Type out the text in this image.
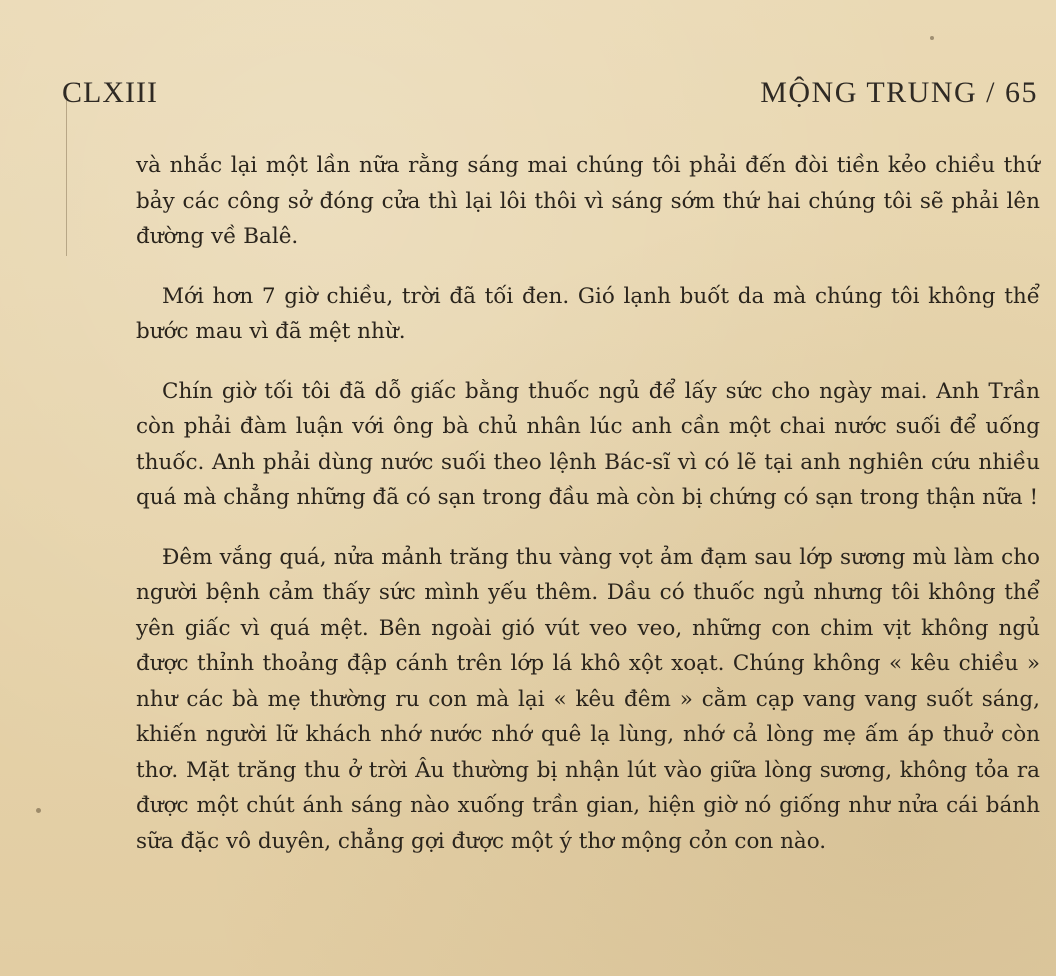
CLXIII	MỘNG TRUNG / 65

và nhắc lại một lần nữa rằng sáng mai chúng tôi phải đến đòi tiền kẻo chiều thứ bảy các công sở đóng cửa thì lại lôi thôi vì sáng sớm thứ hai chúng tôi sẽ phải lên đường về Balê.

Mới hơn 7 giờ chiều, trời đã tối đen. Gió lạnh buốt da mà chúng tôi không thể bước mau vì đã mệt nhừ.

Chín giờ tối tôi đã dỗ giấc bằng thuốc ngủ để lấy sức cho ngày mai. Anh Trần còn phải đàm luận với ông bà chủ nhân lúc anh cần một chai nước suối để uống thuốc. Anh phải dùng nước suối theo lệnh Bác-sĩ vì có lẽ tại anh nghiên cứu nhiều quá mà chẳng những đã có sạn trong đầu mà còn bị chứng có sạn trong thận nữa !

Đêm vắng quá, nửa mảnh trăng thu vàng vọt ảm đạm sau lớp sương mù làm cho người bệnh cảm thấy sức mình yếu thêm. Dầu có thuốc ngủ nhưng tôi không thể yên giấc vì quá mệt. Bên ngoài gió vút veo veo, những con chim vịt không ngủ được thỉnh thoảng đập cánh trên lớp lá khô xột xoạt. Chúng không « kêu chiều » như các bà mẹ thường ru con mà lại « kêu đêm » cằm cạp vang vang suốt sáng, khiến người lữ khách nhớ nước nhớ quê lạ lùng, nhớ cả lòng mẹ ấm áp thuở còn thơ. Mặt trăng thu ở trời Âu thường bị nhận lút vào giữa lòng sương, không tỏa ra được một chút ánh sáng nào xuống trần gian, hiện giờ nó giống như nửa cái bánh sữa đặc vô duyên, chẳng gợi được một ý thơ mộng cỏn con nào.
